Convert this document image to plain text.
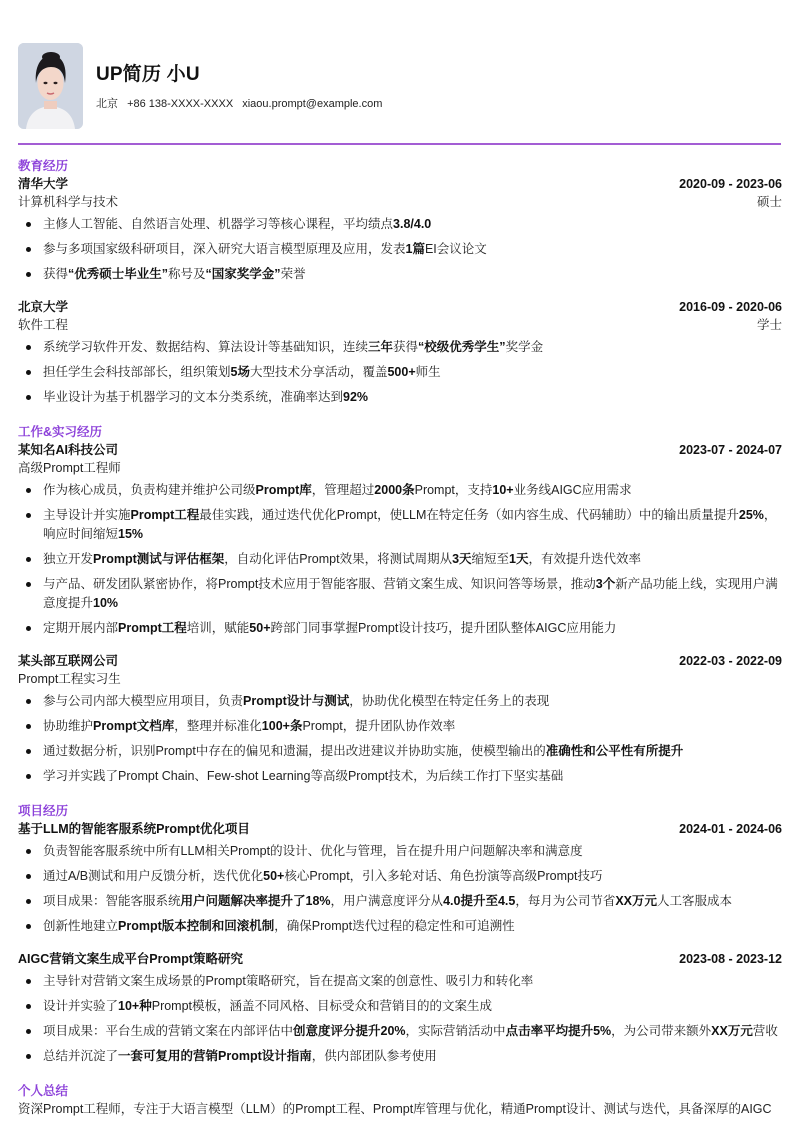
UP简历 小U
北京 +86 138-XXXX-XXXX xiaou.prompt@example.com
教育经历
清华大学	2020-09 - 2023-06
计算机科学与技术	硕士
主修人工智能、自然语言处理、机器学习等核心课程，平均绩点3.8/4.0
参与多项国家级科研项目，深入研究大语言模型原理及应用，发表1篇EI会议论文
获得“优秀硕士毕业生”称号及“国家奖学金”荣誉
北京大学	2016-09 - 2020-06
软件工程	学士
系统学习软件开发、数据结构、算法设计等基础知识，连续三年获得“校级优秀学生”奖学金
担任学生会科技部部长，组织策划5场大型技术分享活动，覆盖500+师生
毕业设计为基于机器学习的文本分类系统，准确率达到92%
工作&实习经历
某知名AI科技公司	2023-07 - 2024-07
高级Prompt工程师
作为核心成员，负责构建并维护公司级Prompt库，管理超过2000条Prompt，支持10+业务线AIGC应用需求
主导设计并实施Prompt工程最佳实践，通过迭代优化Prompt，使LLM在特定任务（如内容生成、代码辅助）中的输出质量提升25%，响应时间缩短15%
独立开发Prompt测试与评估框架，自动化评估Prompt效果，将测试周期从3天缩短至1天，有效提升迭代效率
与产品、研发团队紧密协作，将Prompt技术应用于智能客服、营销文案生成、知识问答等场景，推动3个新产品功能上线，实现用户满意度提升10%
定期开展内部Prompt工程培训，赋能50+跨部门同事掌握Prompt设计技巧，提升团队整体AIGC应用能力
某头部互联网公司	2022-03 - 2022-09
Prompt工程实习生
参与公司内部大模型应用项目，负责Prompt设计与测试，协助优化模型在特定任务上的表现
协助维护Prompt文档库，整理并标准化100+条Prompt，提升团队协作效率
通过数据分析，识别Prompt中存在的偏见和遗漏，提出改进建议并协助实施，使模型输出的准确性和公平性有所提升
学习并实践了Prompt Chain、Few-shot Learning等高级Prompt技术，为后续工作打下坚实基础
项目经历
基于LLM的智能客服系统Prompt优化项目	2024-01 - 2024-06
负责智能客服系统中所有LLM相关Prompt的设计、优化与管理，旨在提升用户问题解决率和满意度
通过A/B测试和用户反馈分析，迭代优化50+核心Prompt，引入多轮对话、角色扮演等高级Prompt技巧
项目成果：智能客服系统用户问题解决率提升了18%，用户满意度评分从4.0提升至4.5，每月为公司节省XX万元人工客服成本
创新性地建立Prompt版本控制和回滚机制，确保Prompt迭代过程的稳定性和可追溯性
AIGC营销文案生成平台Prompt策略研究	2023-08 - 2023-12
主导针对营销文案生成场景的Prompt策略研究，旨在提高文案的创意性、吸引力和转化率
设计并实验了10+种Prompt模板，涵盖不同风格、目标受众和营销目的的文案生成
项目成果：平台生成的营销文案在内部评估中创意度评分提升20%，实际营销活动中点击率平均提升5%，为公司带来额外XX万元营收
总结并沉淀了一套可复用的营销Prompt设计指南，供内部团队参考使用
个人总结
资深Prompt工程师，专注于大语言模型（LLM）的Prompt工程、Prompt库管理与优化，精通Prompt设计、测试与迭代，具备深厚的AIGC
